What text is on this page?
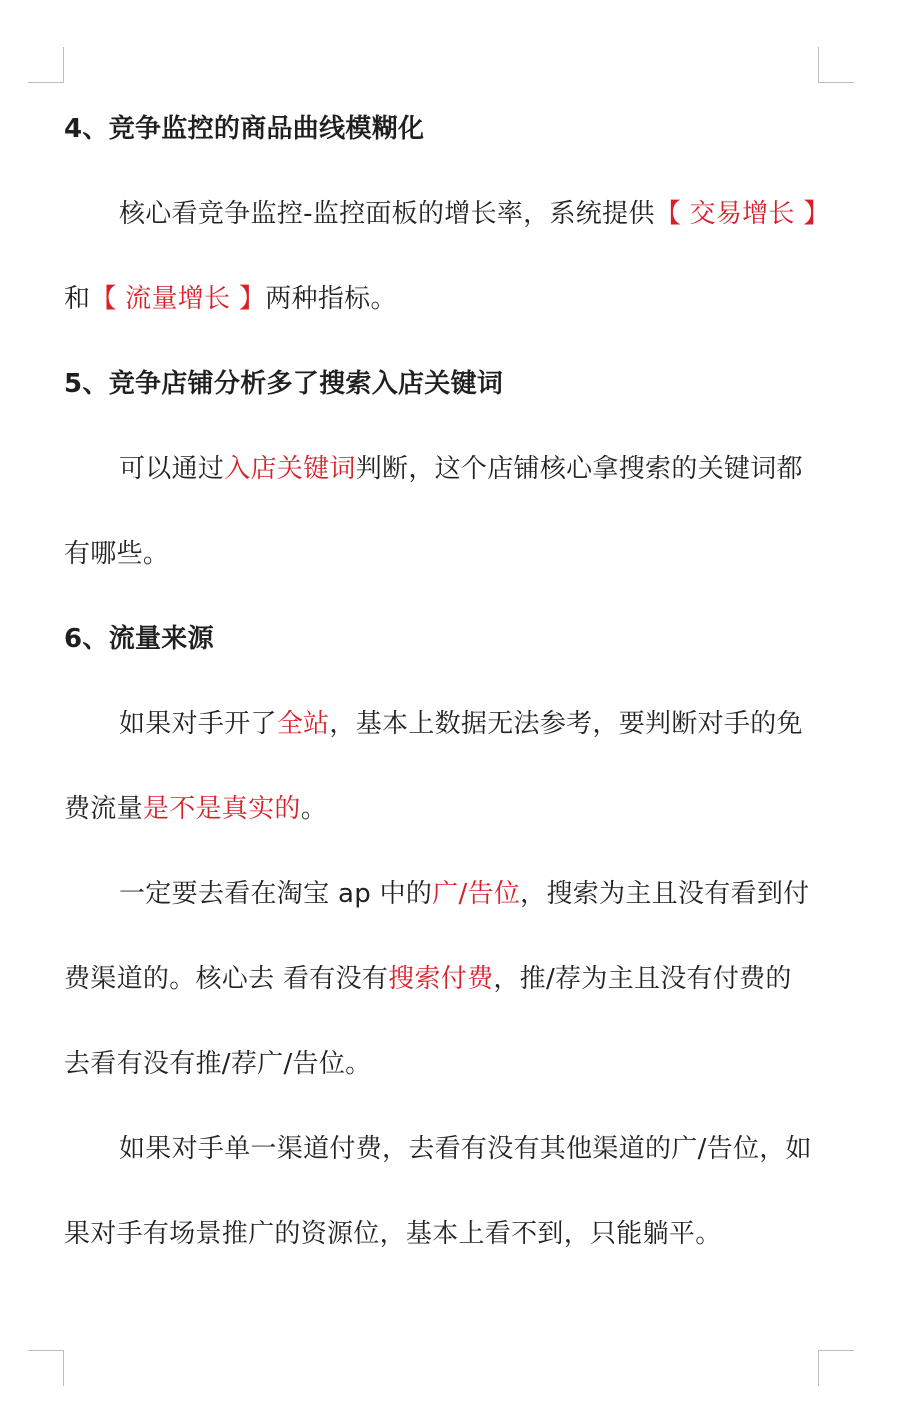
4、竞争监控的商品曲线模糊化
核心看竞争监控-监控面板的增长率，系统提供【 交易增长 】
和【 流量增长 】两种指标。
5、竞争店铺分析多了搜索入店关键词
可以通过入店关键词判断，这个店铺核心拿搜索的关键词都
有哪些。
6、流量来源
如果对手开了全站，基本上数据无法参考，要判断对手的免
费流量是不是真实的。
一定要去看在淘宝 ap 中的广/告位，搜索为主且没有看到付
费渠道的。核心去 看有没有搜索付费，推/荐为主且没有付费的
去看有没有推/荐广/告位。
如果对手单一渠道付费，去看有没有其他渠道的广/告位，如
果对手有场景推广的资源位，基本上看不到，只能躺平。
